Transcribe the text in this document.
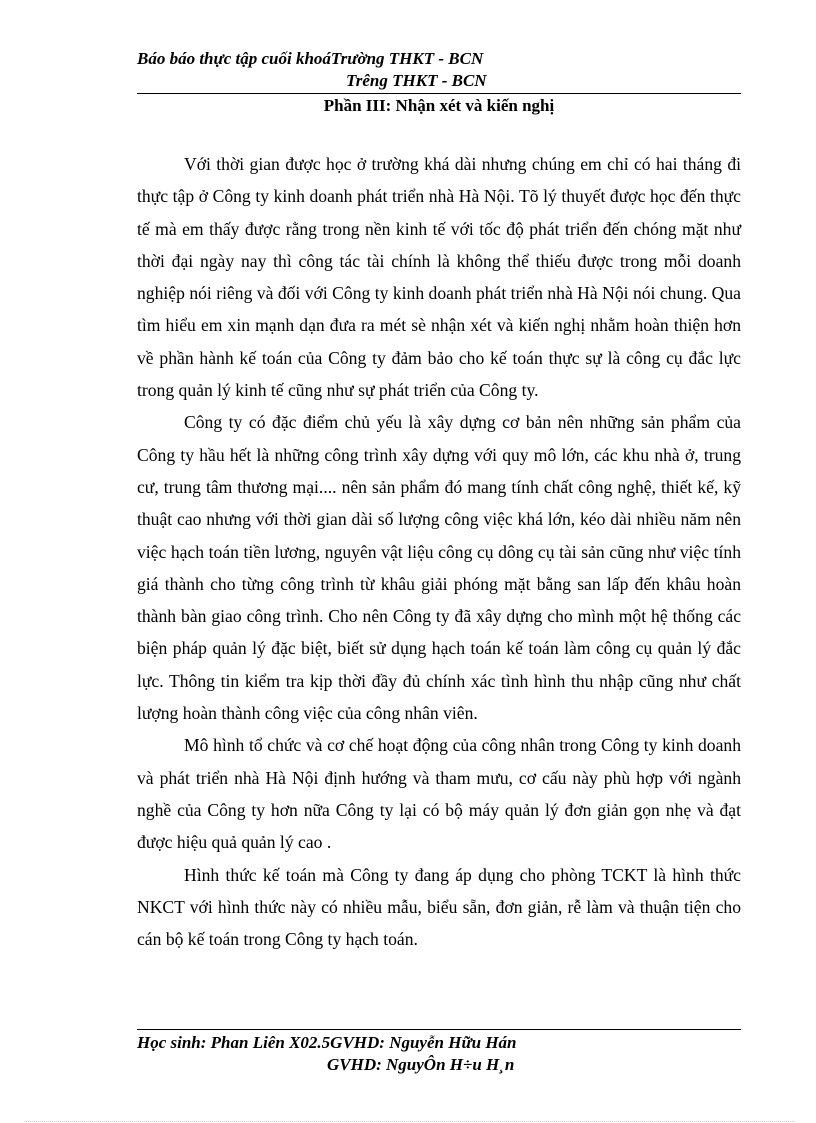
Báo báo thực tập cuối khoáTrường THKT - BCN
Trêng THKT - BCN
Phần III: Nhận xét và kiến nghị

Với thời gian được học ở trường khá dài nhưng chúng em chỉ có hai tháng đi thực tập ở Công ty kinh doanh phát triển nhà Hà Nội. Tõ lý thuyết được học đến thực tế mà em thấy được rằng trong nền kinh tế với tốc độ phát triển đến chóng mặt như thời đại ngày nay thì công tác tài chính là không thể thiếu được trong mỗi doanh nghiệp nói riêng và đối với Công ty kinh doanh phát triển nhà Hà Nội nói chung. Qua tìm hiểu em xin mạnh dạn đưa ra mét sè nhận xét và kiến nghị nhằm hoàn thiện hơn về phần hành kế toán của Công ty đảm bảo cho kế toán thực sự là công cụ đắc lực trong quản lý kinh tế cũng như sự phát triển của Công ty.

Công ty có đặc điểm chủ yếu là xây dựng cơ bản nên những sản phẩm của Công ty hầu hết là những công trình xây dựng với quy mô lớn, các khu nhà ở, trung cư, trung tâm thương mại.... nên sản phẩm đó mang tính chất công nghệ, thiết kế, kỹ thuật cao nhưng với thời gian dài số lượng công việc khá lớn, kéo dài nhiều năm nên việc hạch toán tiền lương, nguyên vật liệu công cụ dông cụ tài sản cũng như việc tính giá thành cho từng công trình từ khâu giải phóng mặt bằng san lấp đến khâu hoàn thành bàn giao công trình. Cho nên Công ty đã xây dựng cho mình một hệ thống các biện pháp quản lý đặc biệt, biết sử dụng hạch toán kế toán làm công cụ quản lý đắc lực. Thông tin kiểm tra kịp thời đầy đủ chính xác tình hình thu nhập cũng như chất lượng hoàn thành công việc của công nhân viên.

Mô hình tổ chức và cơ chế hoạt động của công nhân trong Công ty kinh doanh và phát triển nhà Hà Nội định hướng và tham mưu, cơ cấu này phù hợp với ngành nghề của Công ty hơn nữa Công ty lại có bộ máy quản lý đơn giản gọn nhẹ và đạt được hiệu quả quản lý cao .

Hình thức kế toán mà Công ty đang áp dụng cho phòng TCKT là hình thức NKCT với hình thức này có nhiều mẫu, biểu sẵn, đơn giản, rễ làm và thuận tiện cho cán bộ kế toán trong Công ty hạch toán.

Học sinh: Phan Liên X02.5GVHD: Nguyễn Hữu Hán
GVHD: NguyÔn H÷u H¸n
